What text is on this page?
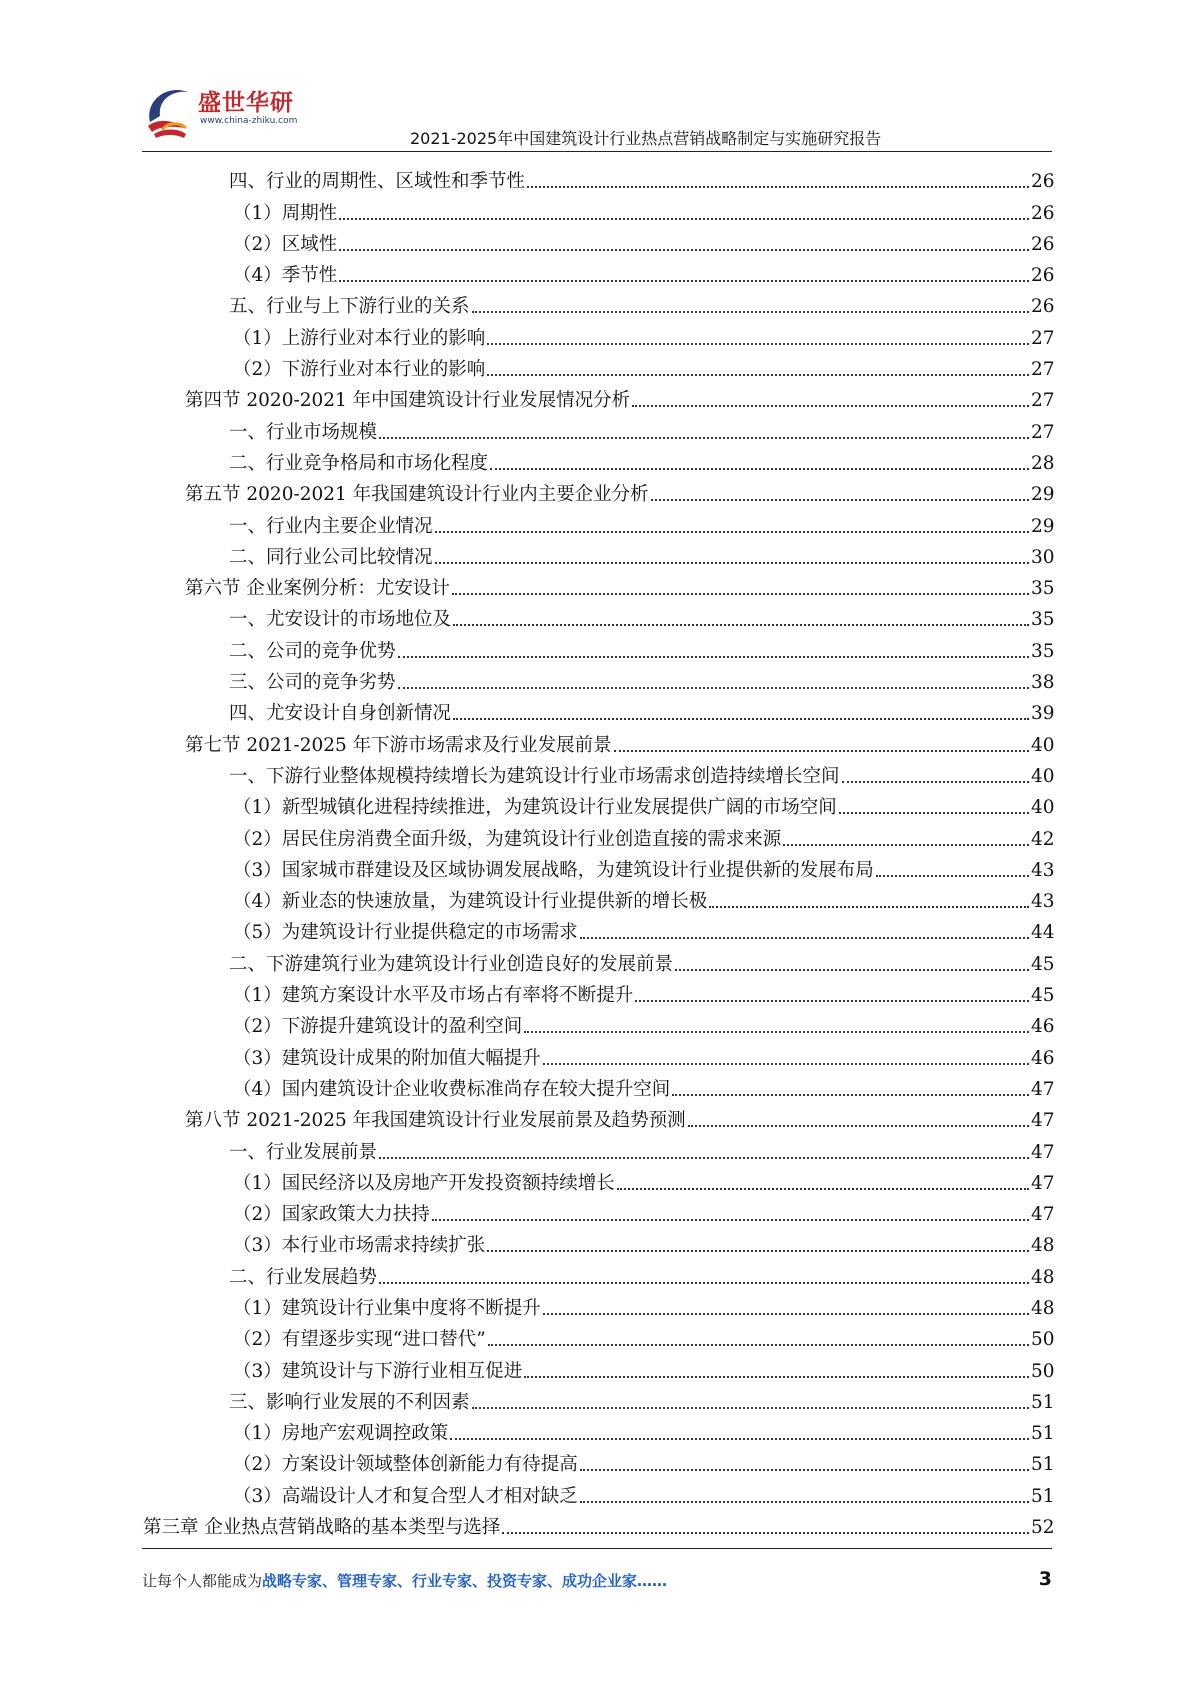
盛世华研
www.china-zhiku.com
2021-2025年中国建筑设计行业热点营销战略制定与实施研究报告
四、行业的周期性、区域性和季节性	26
（1）周期性	26
（2）区域性	26
（4）季节性	26
五、行业与上下游行业的关系	26
（1）上游行业对本行业的影响	27
（2）下游行业对本行业的影响	27
第四节 2020-2021 年中国建筑设计行业发展情况分析	27
一、行业市场规模	27
二、行业竞争格局和市场化程度	28
第五节 2020-2021 年我国建筑设计行业内主要企业分析	29
一、行业内主要企业情况	29
二、同行业公司比较情况	30
第六节 企业案例分析：尤安设计	35
一、尤安设计的市场地位及	35
二、公司的竞争优势	35
三、公司的竞争劣势	38
四、尤安设计自身创新情况	39
第七节 2021-2025 年下游市场需求及行业发展前景	40
一、下游行业整体规模持续增长为建筑设计行业市场需求创造持续增长空间	40
（1）新型城镇化进程持续推进，为建筑设计行业发展提供广阔的市场空间	40
（2）居民住房消费全面升级，为建筑设计行业创造直接的需求来源	42
（3）国家城市群建设及区域协调发展战略，为建筑设计行业提供新的发展布局	43
（4）新业态的快速放量，为建筑设计行业提供新的增长极	43
（5）为建筑设计行业提供稳定的市场需求	44
二、下游建筑行业为建筑设计行业创造良好的发展前景	45
（1）建筑方案设计水平及市场占有率将不断提升	45
（2）下游提升建筑设计的盈利空间	46
（3）建筑设计成果的附加值大幅提升	46
（4）国内建筑设计企业收费标准尚存在较大提升空间	47
第八节 2021-2025 年我国建筑设计行业发展前景及趋势预测	47
一、行业发展前景	47
（1）国民经济以及房地产开发投资额持续增长	47
（2）国家政策大力扶持	47
（3）本行业市场需求持续扩张	48
二、行业发展趋势	48
（1）建筑设计行业集中度将不断提升	48
（2）有望逐步实现“进口替代”	50
（3）建筑设计与下游行业相互促进	50
三、影响行业发展的不利因素	51
（1）房地产宏观调控政策	51
（2）方案设计领域整体创新能力有待提高	51
（3）高端设计人才和复合型人才相对缺乏	51
第三章 企业热点营销战略的基本类型与选择	52
让每个人都能成为战略专家、管理专家、行业专家、投资专家、成功企业家……	3
